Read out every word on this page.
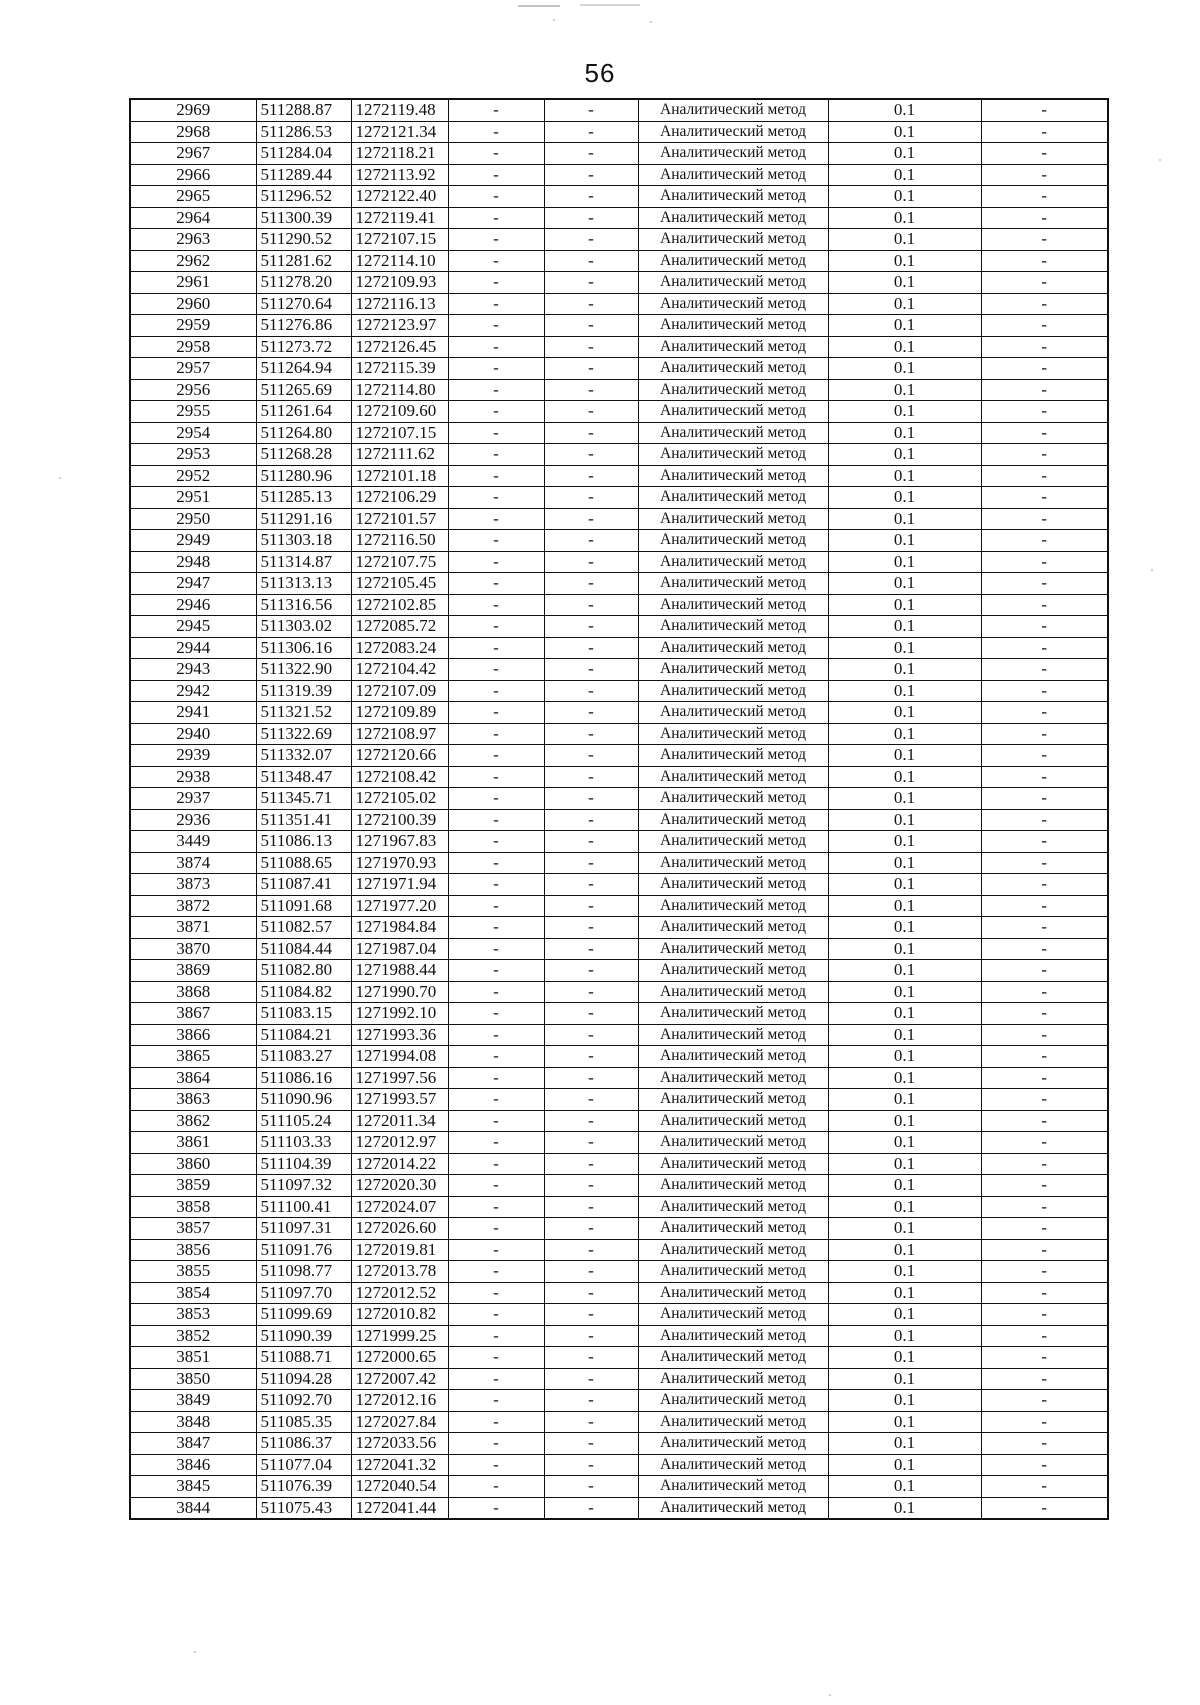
56
2969	511288.87	1272119.48	-	-	Аналитический метод	0.1	-
2968	511286.53	1272121.34	-	-	Аналитический метод	0.1	-
2967	511284.04	1272118.21	-	-	Аналитический метод	0.1	-
2966	511289.44	1272113.92	-	-	Аналитический метод	0.1	-
2965	511296.52	1272122.40	-	-	Аналитический метод	0.1	-
2964	511300.39	1272119.41	-	-	Аналитический метод	0.1	-
2963	511290.52	1272107.15	-	-	Аналитический метод	0.1	-
2962	511281.62	1272114.10	-	-	Аналитический метод	0.1	-
2961	511278.20	1272109.93	-	-	Аналитический метод	0.1	-
2960	511270.64	1272116.13	-	-	Аналитический метод	0.1	-
2959	511276.86	1272123.97	-	-	Аналитический метод	0.1	-
2958	511273.72	1272126.45	-	-	Аналитический метод	0.1	-
2957	511264.94	1272115.39	-	-	Аналитический метод	0.1	-
2956	511265.69	1272114.80	-	-	Аналитический метод	0.1	-
2955	511261.64	1272109.60	-	-	Аналитический метод	0.1	-
2954	511264.80	1272107.15	-	-	Аналитический метод	0.1	-
2953	511268.28	1272111.62	-	-	Аналитический метод	0.1	-
2952	511280.96	1272101.18	-	-	Аналитический метод	0.1	-
2951	511285.13	1272106.29	-	-	Аналитический метод	0.1	-
2950	511291.16	1272101.57	-	-	Аналитический метод	0.1	-
2949	511303.18	1272116.50	-	-	Аналитический метод	0.1	-
2948	511314.87	1272107.75	-	-	Аналитический метод	0.1	-
2947	511313.13	1272105.45	-	-	Аналитический метод	0.1	-
2946	511316.56	1272102.85	-	-	Аналитический метод	0.1	-
2945	511303.02	1272085.72	-	-	Аналитический метод	0.1	-
2944	511306.16	1272083.24	-	-	Аналитический метод	0.1	-
2943	511322.90	1272104.42	-	-	Аналитический метод	0.1	-
2942	511319.39	1272107.09	-	-	Аналитический метод	0.1	-
2941	511321.52	1272109.89	-	-	Аналитический метод	0.1	-
2940	511322.69	1272108.97	-	-	Аналитический метод	0.1	-
2939	511332.07	1272120.66	-	-	Аналитический метод	0.1	-
2938	511348.47	1272108.42	-	-	Аналитический метод	0.1	-
2937	511345.71	1272105.02	-	-	Аналитический метод	0.1	-
2936	511351.41	1272100.39	-	-	Аналитический метод	0.1	-
3449	511086.13	1271967.83	-	-	Аналитический метод	0.1	-
3874	511088.65	1271970.93	-	-	Аналитический метод	0.1	-
3873	511087.41	1271971.94	-	-	Аналитический метод	0.1	-
3872	511091.68	1271977.20	-	-	Аналитический метод	0.1	-
3871	511082.57	1271984.84	-	-	Аналитический метод	0.1	-
3870	511084.44	1271987.04	-	-	Аналитический метод	0.1	-
3869	511082.80	1271988.44	-	-	Аналитический метод	0.1	-
3868	511084.82	1271990.70	-	-	Аналитический метод	0.1	-
3867	511083.15	1271992.10	-	-	Аналитический метод	0.1	-
3866	511084.21	1271993.36	-	-	Аналитический метод	0.1	-
3865	511083.27	1271994.08	-	-	Аналитический метод	0.1	-
3864	511086.16	1271997.56	-	-	Аналитический метод	0.1	-
3863	511090.96	1271993.57	-	-	Аналитический метод	0.1	-
3862	511105.24	1272011.34	-	-	Аналитический метод	0.1	-
3861	511103.33	1272012.97	-	-	Аналитический метод	0.1	-
3860	511104.39	1272014.22	-	-	Аналитический метод	0.1	-
3859	511097.32	1272020.30	-	-	Аналитический метод	0.1	-
3858	511100.41	1272024.07	-	-	Аналитический метод	0.1	-
3857	511097.31	1272026.60	-	-	Аналитический метод	0.1	-
3856	511091.76	1272019.81	-	-	Аналитический метод	0.1	-
3855	511098.77	1272013.78	-	-	Аналитический метод	0.1	-
3854	511097.70	1272012.52	-	-	Аналитический метод	0.1	-
3853	511099.69	1272010.82	-	-	Аналитический метод	0.1	-
3852	511090.39	1271999.25	-	-	Аналитический метод	0.1	-
3851	511088.71	1272000.65	-	-	Аналитический метод	0.1	-
3850	511094.28	1272007.42	-	-	Аналитический метод	0.1	-
3849	511092.70	1272012.16	-	-	Аналитический метод	0.1	-
3848	511085.35	1272027.84	-	-	Аналитический метод	0.1	-
3847	511086.37	1272033.56	-	-	Аналитический метод	0.1	-
3846	511077.04	1272041.32	-	-	Аналитический метод	0.1	-
3845	511076.39	1272040.54	-	-	Аналитический метод	0.1	-
3844	511075.43	1272041.44	-	-	Аналитический метод	0.1	-
